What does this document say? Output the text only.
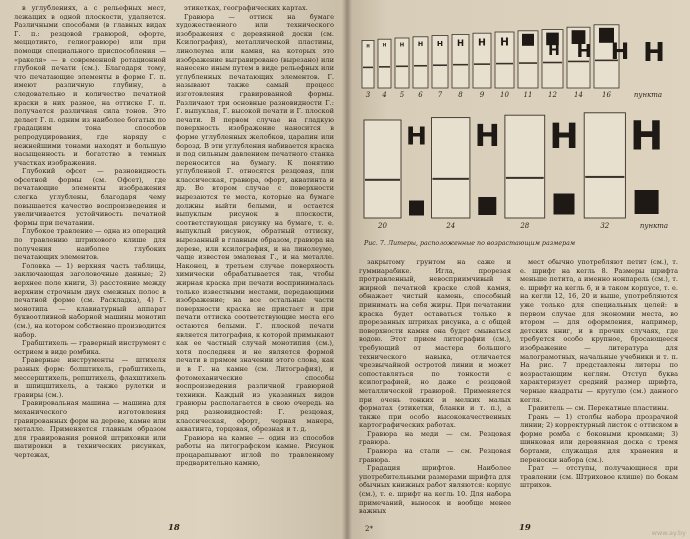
в углублениях, а с рельефных мест, лежащих в одной плоскости, удаляется. Различными способами (в главных видах Г. п.: резцовой гравюрой, офорте, меццотинто, гелиогравюре) или при помощи специального приспособления — «ракеля» — в современной ротационной глубокой печати (см.). Благодаря тому, что печатающие элементы в форме Г. п. имеют различную глубину, а следовательно и количество печатной краски в них разное, на оттиске Г. п. получается различная сила тонов. Это делает Г. п. одним из наиболее богатых по градациям тона способов репродуцирования, где наряду с нежнейшими тонами находят и большую насыщенность и богатство в темных участках изображения.

Глубокий офсет — разновидность офсетной формы (см. Офсет), где печатающие элементы изображения слегка углублены, благодаря чему повышается качество воспроизведения и увеличивается устойчивость печатной формы при печатании.

Глубокое травление — одна из операций по травлению штрихового клише для получения наиболее глубоких печатающих элементов.

Головка — 1) верхняя часть таблицы, заключающая заголовочные данные; 2) верхнее поле книги, 3) расстояние между верхним строчным двух смежных полос в печатной форме (см. Раскладка), 4) Г. монотипа — клавиатурный аппарат буквоотливной наборной машины монотип (см.), на котором собственно производится набор.

Грабштихель — граверный инструмент с острием в виде ромбика.

Граверные инструменты — штихеля разных форм: болштихель, грабштихель, мессерштихель, репштихель, флахштихель и шпицштихель, а также рулетки и гравиры (см.).

Гравировальная машина — машина для механического изготовления гравированных форм на дереве, камне или металле. Применяется главным образом для гравирования ровной штриховки или шатировки в технических рисунках, чертежах,

этикетках, географических картах.

Гравюра — оттиск на бумаге художественного или технического изображения с деревянной доски (см. Ксилография), металлической пластины, линолеума или камня, на которых это изображение выгравировано (вырезано) или нанесено иным путем в виде рельефных или углубленных печатающих элементов. Г. называют также самый процесс изготовления гравированной формы. Различают три основные разновидности Г.: Г. выпуклая, Г. высокой печати и Г. плоской печати. В первом случае на гладкую поверхность изображение наносится в форме углубленных желобков, царапин или борозд. В эти углубления набивается краска и под сильным давлением печатного станка переносится на бумагу. К понятию углубленной Г. относятся резцовая, пли классическая, гравюра, офорт, акватинта и др. Во втором случае с поверхности вырезаются те места, которые на бумаге должны выйти белыми, и остается выпуклым рисунок в плоскости, соответствующая рисунку на бумаге, т. е. выпуклый рисунок, обратный оттиску, вырезанный в главным образом, гравюра на дереве, или ксилография, и на линолеуме, чаще известен эмалевая Г., и на металле. Наконец, в третьем случае поверхность химически обрабатывается так, чтобы жирная краска при печати воспринималась только известными местами, передающими изображение; на все остальные части поверхности краска не пристает и при печати оттиска соответствующие места его остаются белыми. Г. плоской печати является литография, к которой примыкают как ее частный случай монотипия (см.), хотя последняя и не является формой печати в прямом значении этого слова, как и в Г. на камне (см. Литография), и фотомеханические способы воспроизведения различной гравюрной техники. Каждый из указанных видов гравюры располагается в свою очередь на ряд разновидностей: Г. резцовая, классическая, офорт, черная манера, акватинта, торцовая, обрезная и т. д.

Гравюра на камне — один из способов работы на литографском камне. Рисунок процарапывают иглой по травленному предварительно камню,

18
H
3
H
4
H
5
H
6
H
7
H
8
H
9
H
10 11 12 14	16	пункта
H H H H
20
H
24
H
28
H
32
H
пункта
Рис. 7. Литеры, расположенные по возрастающим размерам

закрытому грунтом на саже и гуммиарабике. Игла, прорезая протравленный, невосприимчивый к жирной печатной краске слой камня, обнажает чистый камень, способный принимать на себя жиры. При печатании краска будет оставаться только в прорезанных штрихах рисунка, а с общей поверхности камня она будет смываться водою. Этот прием литографии (см.), требующий от мастера большого технического навыка, отличается чрезвычайной остротой линии и может сопоставляться по тонкости с ксилографией, но даже с резцовой металлической гравюрой. Применяется при очень тонких и мелких малых форматах (этикетки, бланки и т. п.), а также при особо высококачественных картографических работах.

Гравюра на меди — см. Резцовая гравюра.

Гравюра на стали — см. Резцовая гравюра.

Градация шрифтов. Наиболее употребительными размерами шрифта для обычных книжных работ являются: корпус (см.), т. е. шрифт на кегль 10. Для набора примечаний, выносок и вообще менее важных

мест обычно употребляют петит (см.), т. е. шрифт на кегль 8. Размеры шрифта меньше петита, а именно нонпарель (см.), т. е. шрифт на кегль 6, и в таком корпусе, т. е. на кегли 12, 16, 20 и выше, употребляются уже только для специальных целей: в первом случае для экономии места, во втором — для оформления, например, детских книг, и в прочих случаях, где требуется особо крупное, бросающееся изображение — литература для малограмотных, начальные учебники и т. п. На рис. 7 представлены литеры по возрастающим кеглям. Отступ буква характеризует средний размер шрифта, черные квадраты — кругулю (см.) данного кегля.

Гравитель — см. Перекатные пластины.

Грань — 1) столбы набора прозрачной линии; 2) корректурный листок с оттиском в форме ромба с боковыми кромками; 3) шинковая или деревянная доска с тремя бортами, служащая для хранения и переноски набора (см.).

Грат — отступы, получающиеся при травлении (см. Штриховое клише) по бокам штрихов.

2*	19	www.ay.by
